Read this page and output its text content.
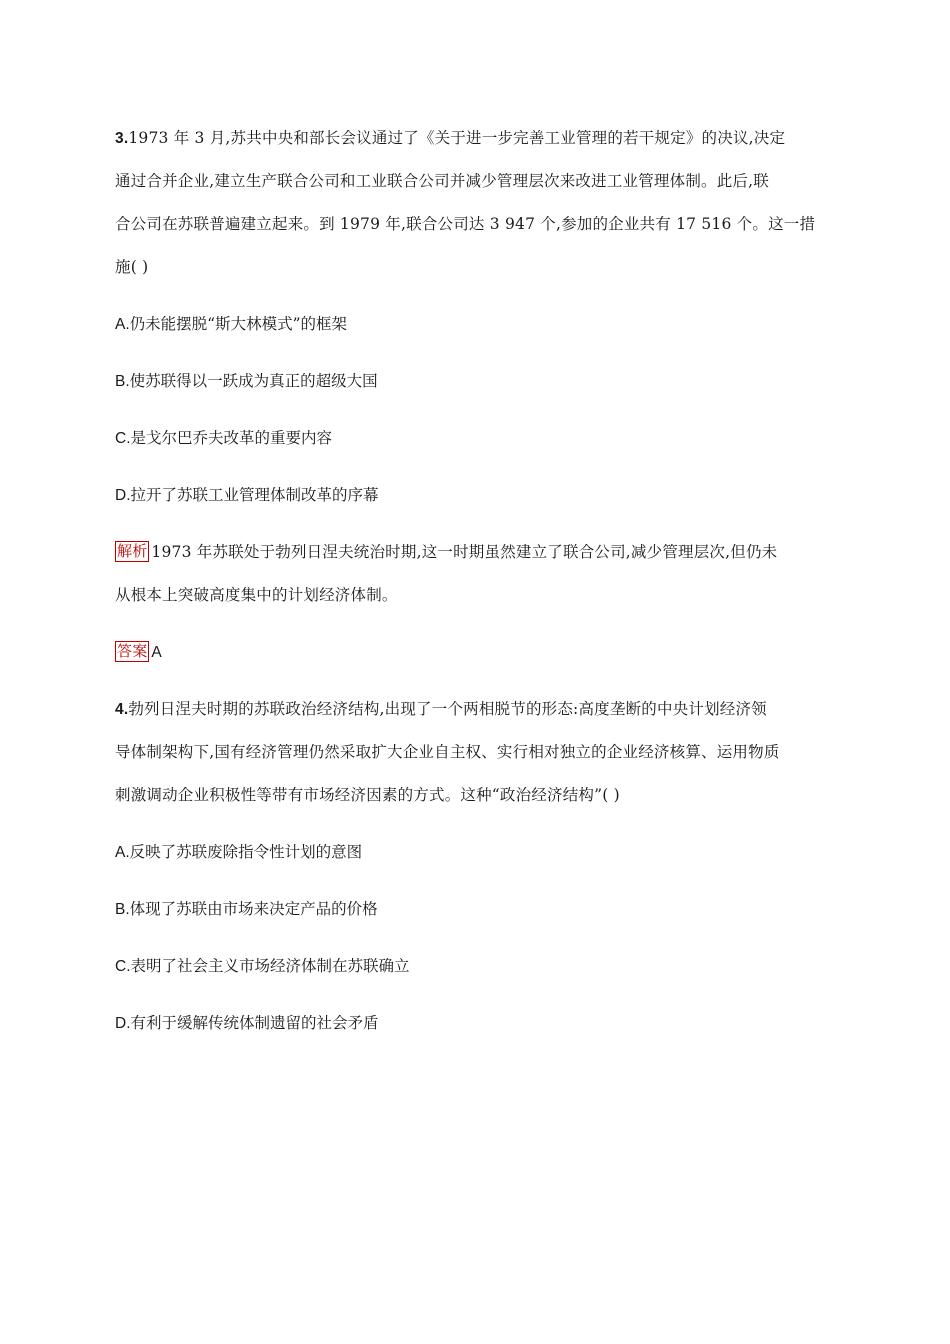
3.1973 年 3 月,苏共中央和部长会议通过了《关于进一步完善工业管理的若干规定》的决议,决定
通过合并企业,建立生产联合公司和工业联合公司并减少管理层次来改进工业管理体制。此后,联
合公司在苏联普遍建立起来。到 1979 年,联合公司达 3 947 个,参加的企业共有 17 516 个。这一措
施( )
A.仍未能摆脱“斯大林模式”的框架
B.使苏联得以一跃成为真正的超级大国
C.是戈尔巴乔夫改革的重要内容
D.拉开了苏联工业管理体制改革的序幕
解析 1973 年苏联处于勃列日涅夫统治时期,这一时期虽然建立了联合公司,减少管理层次,但仍未
从根本上突破高度集中的计划经济体制。
答案 A
4.勃列日涅夫时期的苏联政治经济结构,出现了一个两相脱节的形态:高度垄断的中央计划经济领
导体制架构下,国有经济管理仍然采取扩大企业自主权、实行相对独立的企业经济核算、运用物质
刺激调动企业积极性等带有市场经济因素的方式。这种“政治经济结构”( )
A.反映了苏联废除指令性计划的意图
B.体现了苏联由市场来决定产品的价格
C.表明了社会主义市场经济体制在苏联确立
D.有利于缓解传统体制遗留的社会矛盾
